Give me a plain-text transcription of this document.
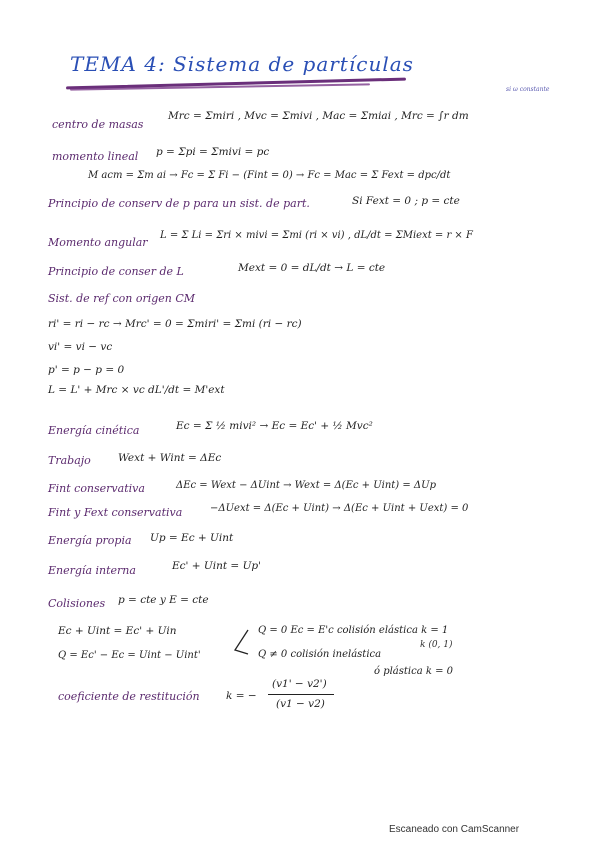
TEMA 4: Sistema de partículas
si ω constante
centro de masas
Mrc = Σmiri , Mvc = Σmivi , Mac = Σmiai , Mrc = ∫r dm
momento lineal p = Σpi = Σmivi = pc
M acm = Σm ai → Fc = Σ Fi − (Fint = 0) → Fc = Mac = Σ Fext = dpc/dt
Principio de conserv de p para un sist. de part.	Si Fext = 0 ; p = cte
Momento angular
L = Σ Li = Σri × mivi = Σmi (ri × vi) , dL/dt = ΣMiext = r × F
Principio de conser de L	Mext = 0 = dL/dt → L = cte
Sist. de ref con origen CM
ri' = ri − rc → Mrc' = 0 = Σmiri' = Σmi (ri − rc)
vi' = vi − vc
p' = p − p = 0
L = L' + Mrc × vc dL'/dt = M'ext
Energía cinética	Ec = Σ ½ mivi² → Ec = Ec' + ½ Mvc²
Trabajo	Wext + Wint = ΔEc
Fint conservativa	ΔEc = Wext − ΔUint → Wext = Δ(Ec + Uint) = ΔUp
Fint y Fext conservativa	−ΔUext = Δ(Ec + Uint) → Δ(Ec + Uint + Uext) = 0
Energía propia Up = Ec + Uint
Energía interna	Ec' + Uint = Up'
Colisiones p = cte y E = cte
Ec + Uint = Ec' + Uin
Q = Ec' − Ec = Uint − Uint'
Q = 0 Ec = E'c colisión elástica k = 1
Q ≠ 0 colisión inelástica
k (0, 1)
ó plástica k = 0
coeficiente de restitución	k = −
(v1' − v2')
(v1 − v2)
Escaneado con CamScanner
